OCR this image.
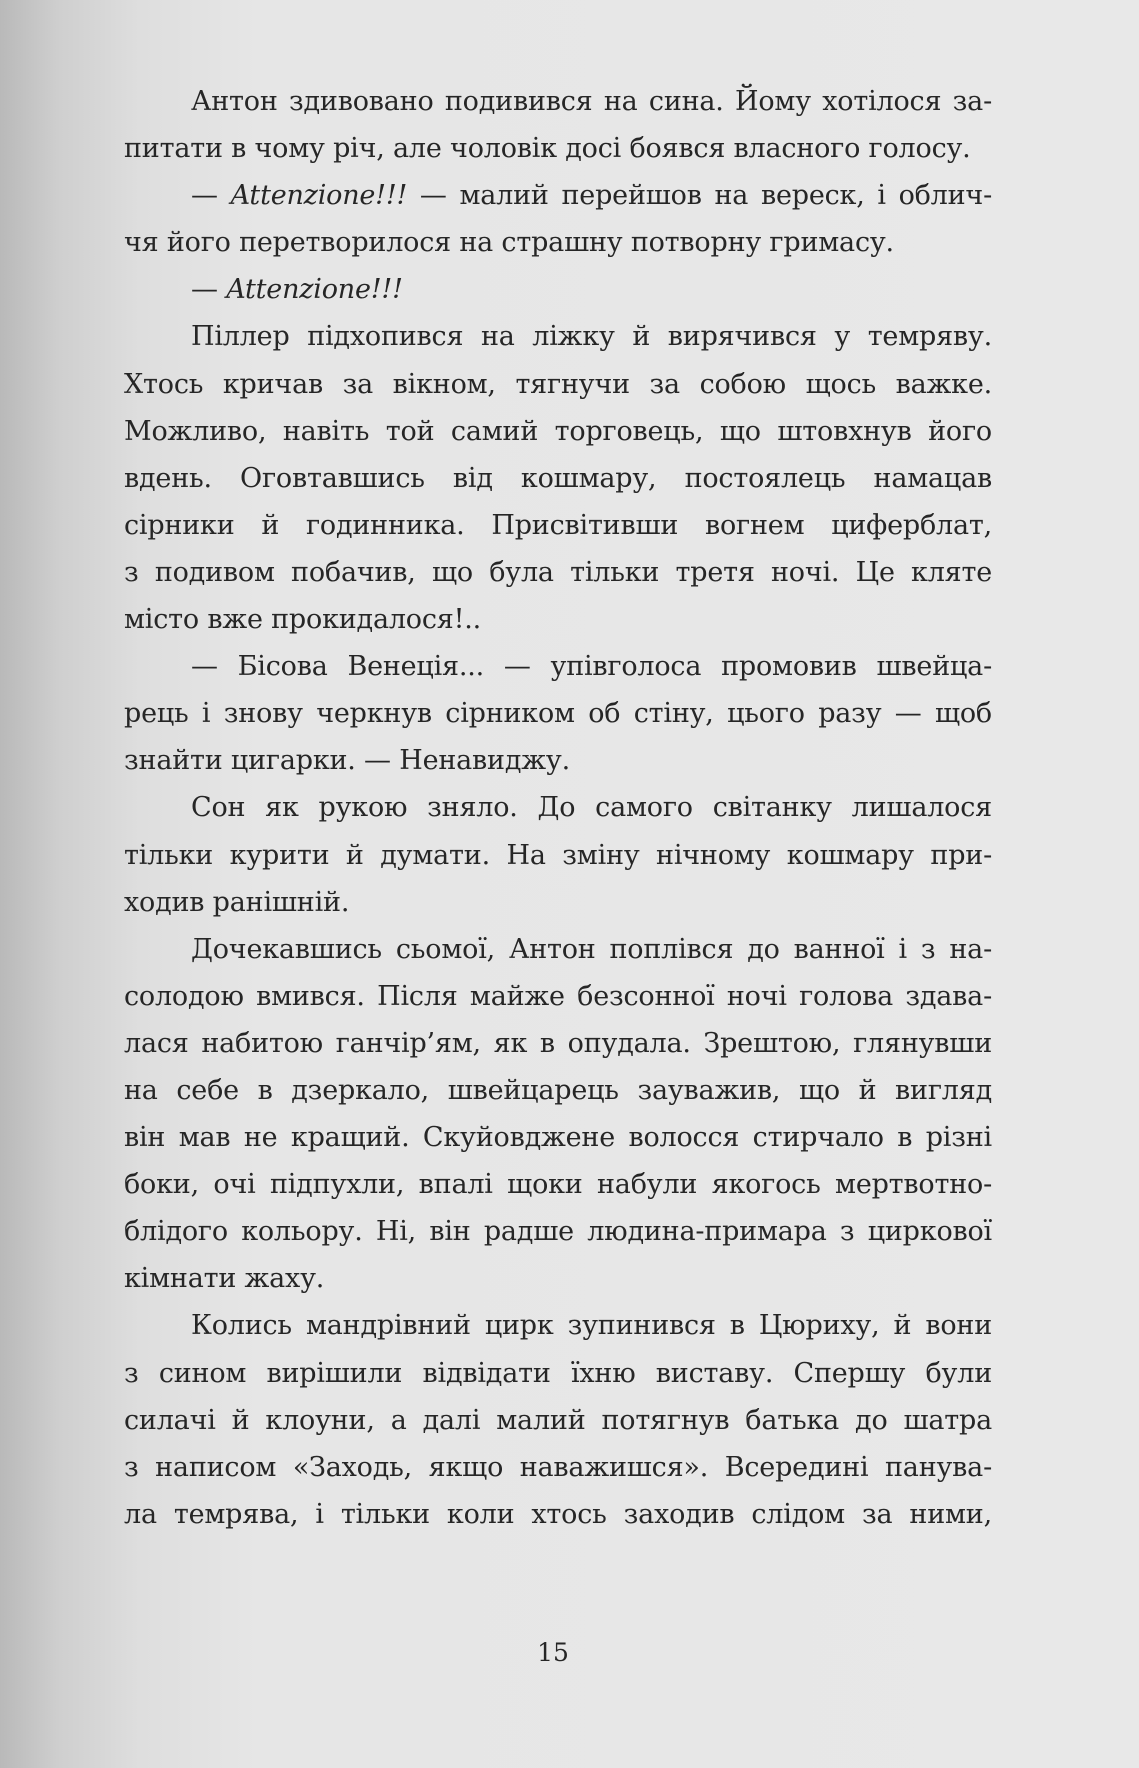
Антон здивовано подивився на сина. Йому хотілося за-
питати в чому річ, але чоловік досі боявся власного голосу.
— Attenzione!!! — малий перейшов на вереск, і облич-
чя його перетворилося на страшну потворну гримасу.
— Attenzione!!!
Піллер підхопився на ліжку й вирячився у темряву.
Хтось кричав за вікном, тягнучи за собою щось важке.
Можливо, навіть той самий торговець, що штовхнув його
вдень. Оговтавшись від кошмару, постоялець намацав
сірники й годинника. Присвітивши вогнем циферблат,
з подивом побачив, що була тільки третя ночі. Це кляте
місто вже прокидалося!..
— Бісова Венеція... — упівголоса промовив швейца-
рець і знову черкнув сірником об стіну, цього разу — щоб
знайти цигарки. — Ненавиджу.
Сон як рукою зняло. До самого світанку лишалося
тільки курити й думати. На зміну нічному кошмару при-
ходив ранішній.
Дочекавшись сьомої, Антон поплівся до ванної і з на-
солодою вмився. Після майже безсонної ночі голова здава-
лася набитою ганчір’ям, як в опудала. Зрештою, глянувши
на себе в дзеркало, швейцарець зауважив, що й вигляд
він мав не кращий. Скуйовджене волосся стирчало в різні
боки, очі підпухли, впалі щоки набули якогось мертвотно-
блідого кольору. Ні, він радше людина-примара з циркової
кімнати жаху.
Колись мандрівний цирк зупинився в Цюриху, й вони
з сином вирішили відвідати їхню виставу. Спершу були
силачі й клоуни, а далі малий потягнув батька до шатра
з написом «Заходь, якщо наважишся». Всередині панува-
ла темрява, і тільки коли хтось заходив слідом за ними,
15
